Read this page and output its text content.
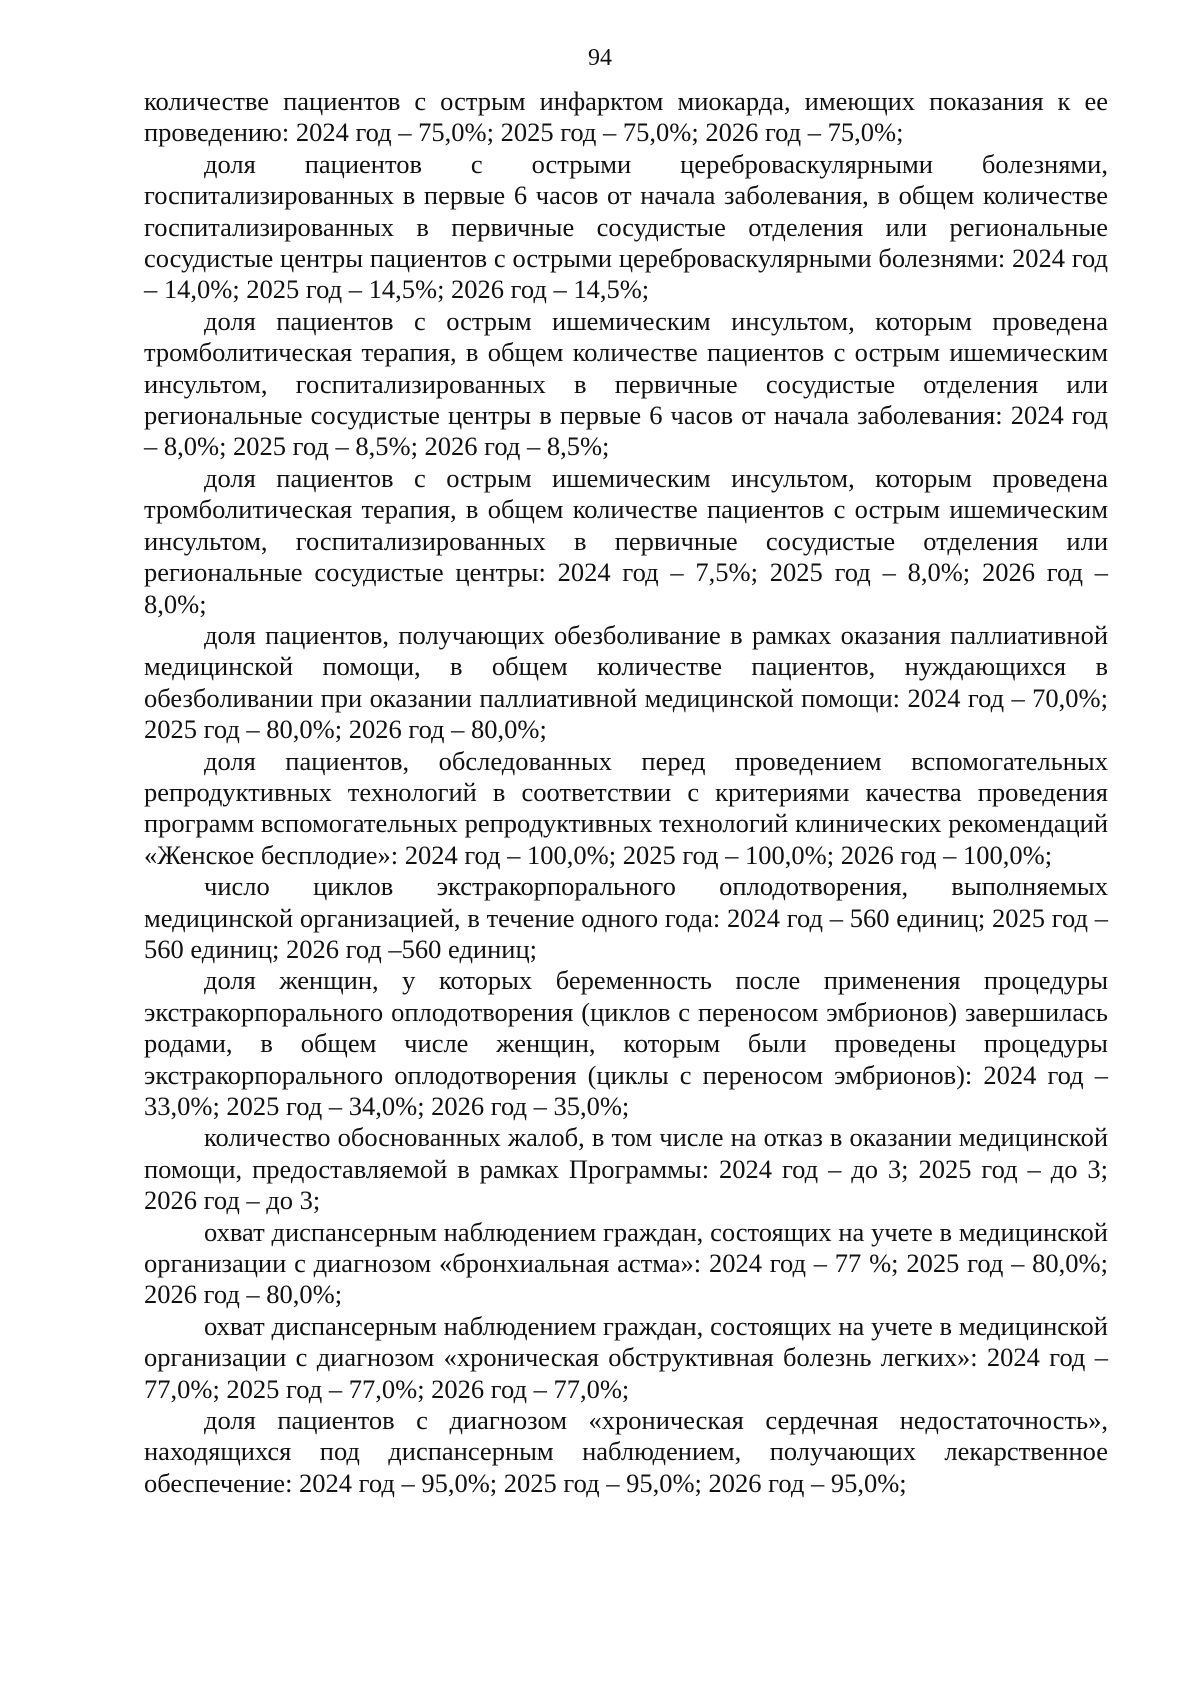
94

количестве пациентов с острым инфарктом миокарда, имеющих показания к ее проведению: 2024 год – 75,0%; 2025 год – 75,0%; 2026 год – 75,0%;

доля пациентов с острыми цереброваскулярными болезнями, госпитализированных в первые 6 часов от начала заболевания, в общем количестве госпитализированных в первичные сосудистые отделения или региональные сосудистые центры пациентов с острыми цереброваскулярными болезнями: 2024 год – 14,0%; 2025 год – 14,5%; 2026 год – 14,5%;

доля пациентов с острым ишемическим инсультом, которым проведена тромболитическая терапия, в общем количестве пациентов с острым ишемическим инсультом, госпитализированных в первичные сосудистые отделения или региональные сосудистые центры в первые 6 часов от начала заболевания: 2024 год – 8,0%; 2025 год – 8,5%; 2026 год – 8,5%;

доля пациентов с острым ишемическим инсультом, которым проведена тромболитическая терапия, в общем количестве пациентов с острым ишемическим инсультом, госпитализированных в первичные сосудистые отделения или региональные сосудистые центры: 2024 год – 7,5%; 2025 год – 8,0%; 2026 год – 8,0%;

доля пациентов, получающих обезболивание в рамках оказания паллиативной медицинской помощи, в общем количестве пациентов, нуждающихся в обезболивании при оказании паллиативной медицинской помощи: 2024 год – 70,0%; 2025 год – 80,0%; 2026 год – 80,0%;

доля пациентов, обследованных перед проведением вспомогательных репродуктивных технологий в соответствии с критериями качества проведения программ вспомогательных репродуктивных технологий клинических рекомендаций «Женское бесплодие»: 2024 год – 100,0%; 2025 год – 100,0%; 2026 год – 100,0%;

число циклов экстракорпорального оплодотворения, выполняемых медицинской организацией, в течение одного года: 2024 год – 560 единиц; 2025 год – 560 единиц; 2026 год –560 единиц;

доля женщин, у которых беременность после применения процедуры экстракорпорального оплодотворения (циклов с переносом эмбрионов) завершилась родами, в общем числе женщин, которым были проведены процедуры экстракорпорального оплодотворения (циклы с переносом эмбрионов): 2024 год – 33,0%; 2025 год – 34,0%; 2026 год – 35,0%;

количество обоснованных жалоб, в том числе на отказ в оказании медицинской помощи, предоставляемой в рамках Программы: 2024 год – до 3; 2025 год – до 3; 2026 год – до 3;

охват диспансерным наблюдением граждан, состоящих на учете в медицинской организации с диагнозом «бронхиальная астма»: 2024 год – 77 %; 2025 год – 80,0%; 2026 год – 80,0%;

охват диспансерным наблюдением граждан, состоящих на учете в медицинской организации с диагнозом «хроническая обструктивная болезнь легких»: 2024 год – 77,0%; 2025 год – 77,0%; 2026 год – 77,0%;

доля пациентов с диагнозом «хроническая сердечная недостаточность», находящихся под диспансерным наблюдением, получающих лекарственное обеспечение: 2024 год – 95,0%; 2025 год – 95,0%; 2026 год – 95,0%;
